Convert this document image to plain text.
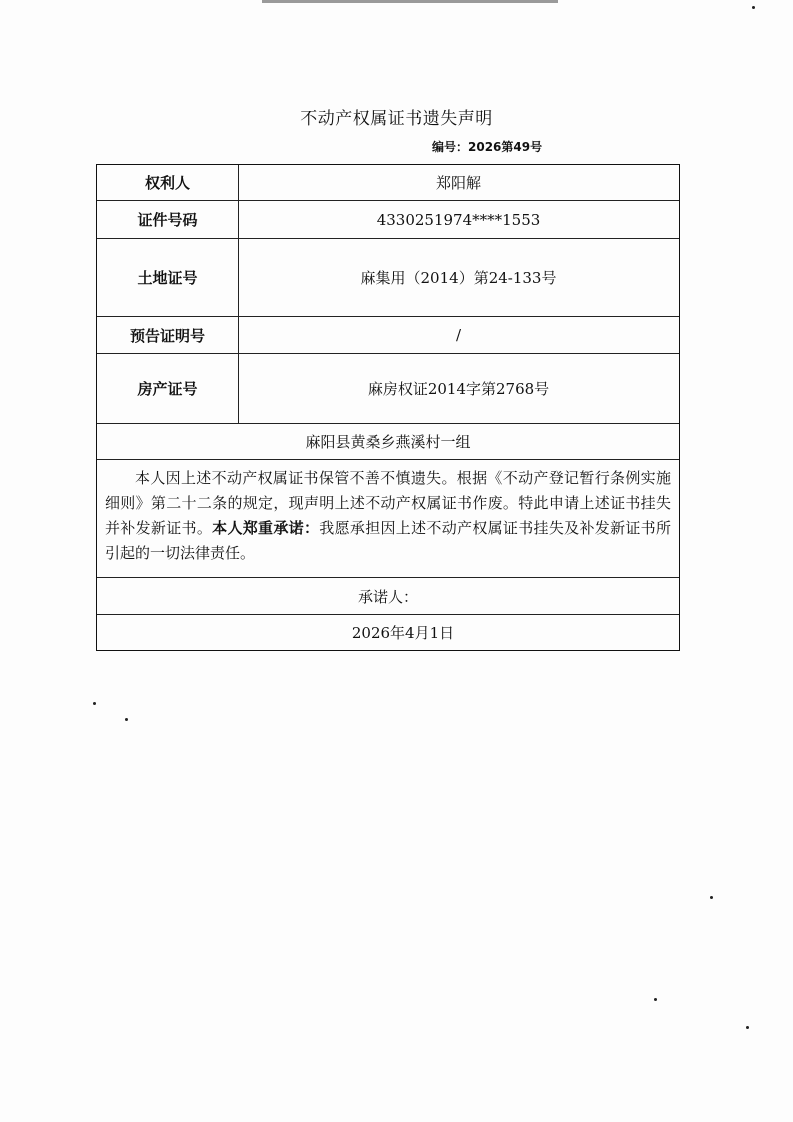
不动产权属证书遗失声明
编号：2026第49号
权利人	郑阳解
证件号码	4330251974****1553
土地证号	麻集用（2014）第24-133号
预告证明号	/
房产证号	麻房权证2014字第2768号
麻阳县黄桑乡燕溪村一组
本人因上述不动产权属证书保管不善不慎遗失。根据《不动产登记暂行条例实施细则》第二十二条的规定，现声明上述不动产权属证书作废。特此申请上述证书挂失并补发新证书。本人郑重承诺：我愿承担因上述不动产权属证书挂失及补发新证书所引起的一切法律责任。
承诺人：
2026年4月1日
